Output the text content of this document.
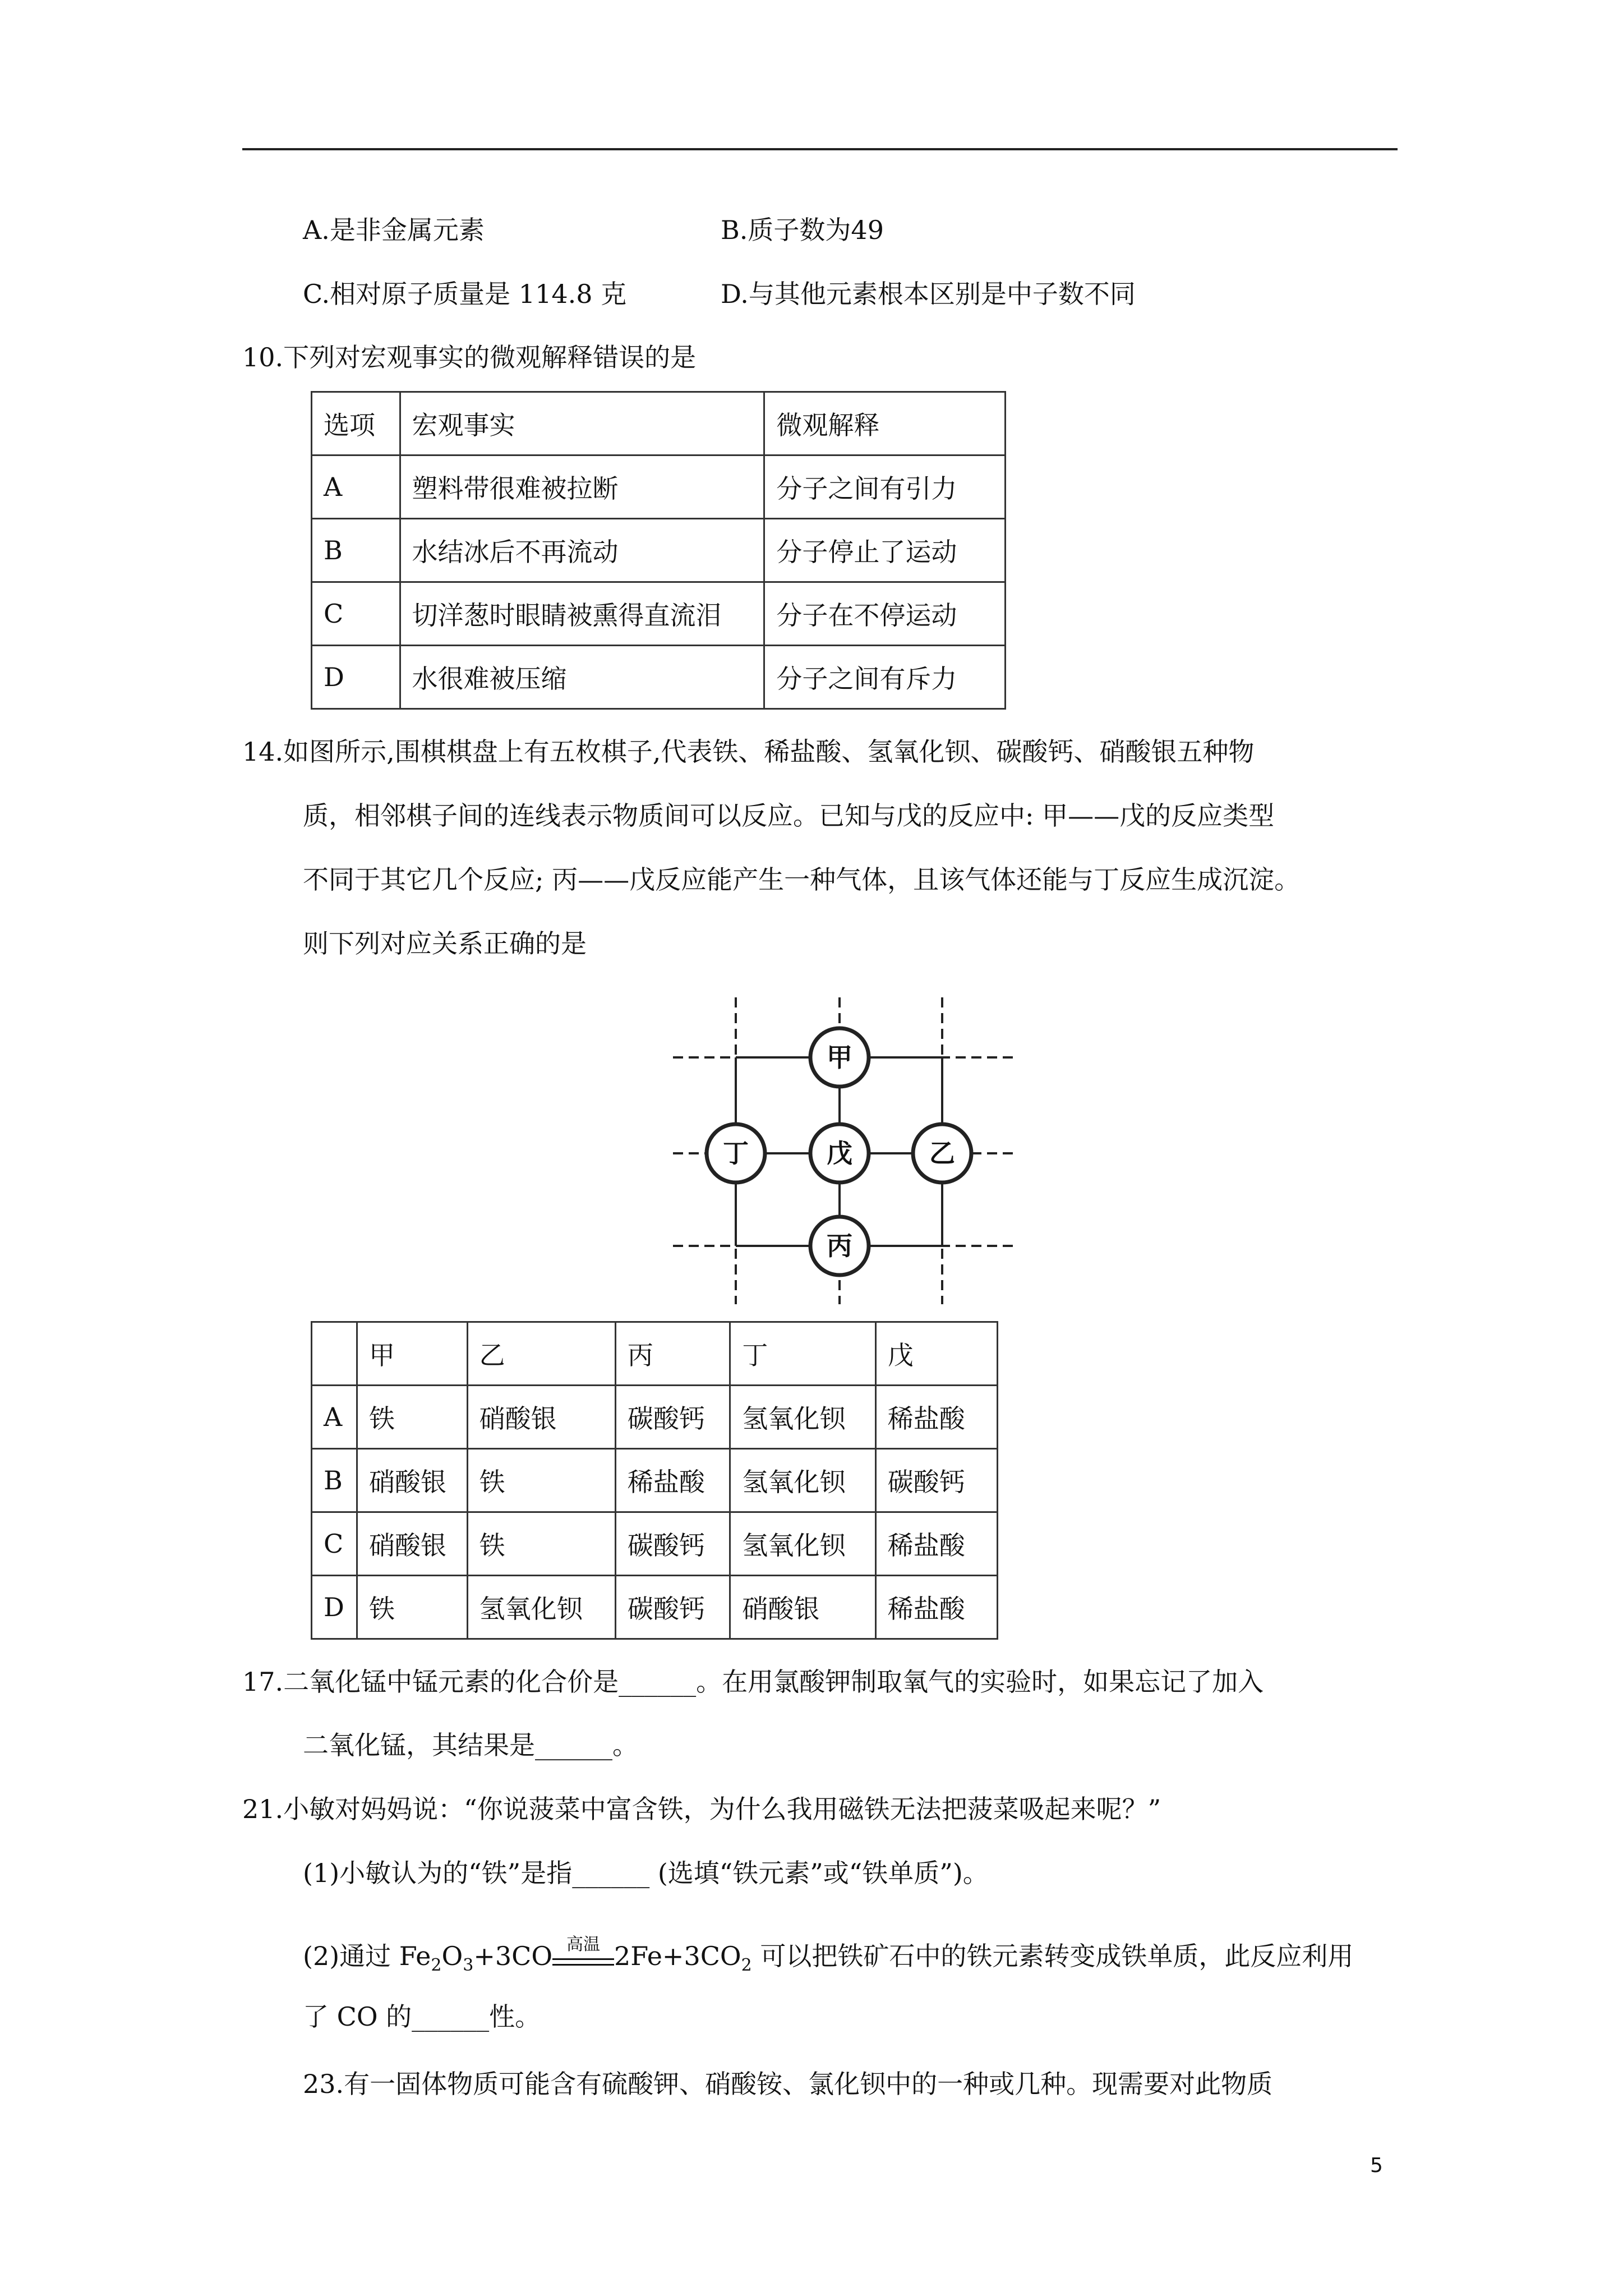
A.是非金属元素	B.质子数为49
C.相对原子质量是 114.8 克	D.与其他元素根本区别是中子数不同
10.下列对宏观事实的微观解释错误的是
选项	宏观事实	微观解释
A	塑料带很难被拉断	分子之间有引力
B	水结冰后不再流动	分子停止了运动
C	切洋葱时眼睛被熏得直流泪	分子在不停运动
D	水很难被压缩	分子之间有斥力
14.如图所示,围棋棋盘上有五枚棋子,代表铁、稀盐酸、氢氧化钡、碳酸钙、硝酸银五种物
质，相邻棋子间的连线表示物质间可以反应。已知与戊的反应中: 甲——戊的反应类型
不同于其它几个反应; 丙——戊反应能产生一种气体，且该气体还能与丁反应生成沉淀。
则下列对应关系正确的是
甲
丁	戊	乙
丙
	甲	乙	丙	丁	戊
A	铁	硝酸银	碳酸钙	氢氧化钡	稀盐酸
B	硝酸银	铁	稀盐酸	氢氧化钡	碳酸钙
C	硝酸银	铁	碳酸钙	氢氧化钡	稀盐酸
D	铁	氢氧化钡	碳酸钙	硝酸银	稀盐酸
17.二氧化锰中锰元素的化合价是______。在用氯酸钾制取氧气的实验时，如果忘记了加入
二氧化锰，其结果是______。
21.小敏对妈妈说：“你说菠菜中富含铁，为什么我用磁铁无法把菠菜吸起来呢？”
(1)小敏认为的“铁”是指______ (选填“铁元素”或“铁单质”)。
(2)通过 $Fe_2O_3+3CO$ 高温 $2Fe+3CO_2$ 可以把铁矿石中的铁元素转变成铁单质，此反应利用
了 CO 的______性。
23.有一固体物质可能含有硫酸钾、硝酸铵、氯化钡中的一种或几种。现需要对此物质
5
